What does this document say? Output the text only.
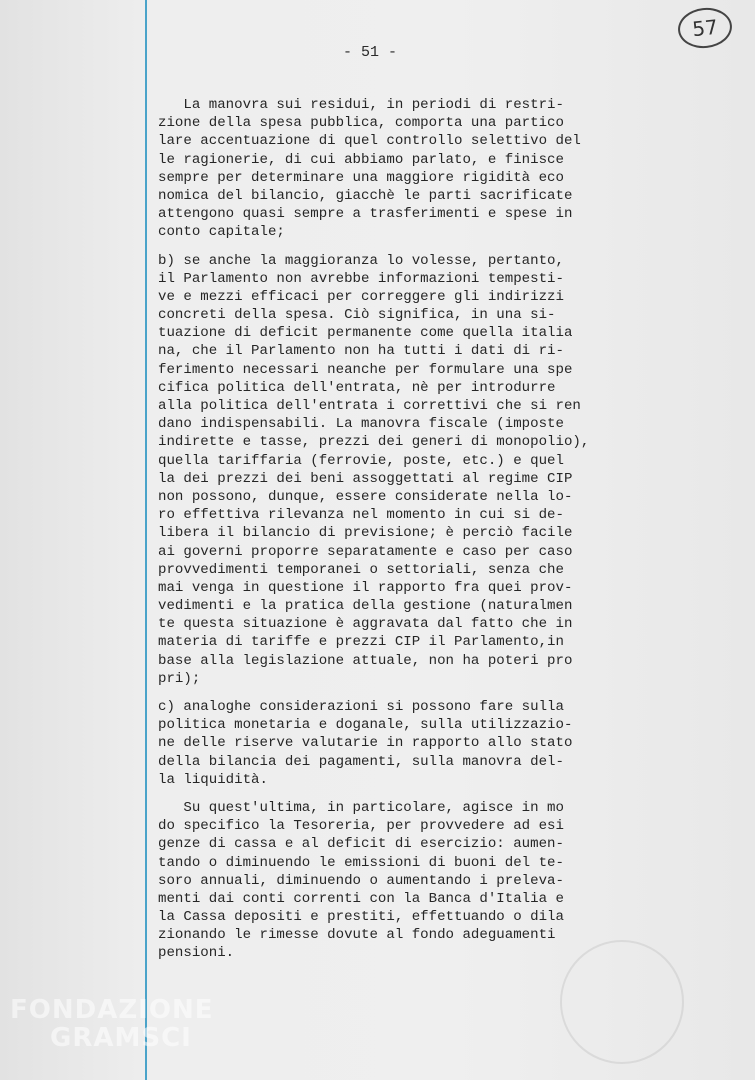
57
- 51 -
La manovra sui residui, in periodi di restri-
zione della spesa pubblica, comporta una partico
lare accentuazione di quel controllo selettivo del
le ragionerie, di cui abbiamo parlato, e finisce
sempre per determinare una maggiore rigidità eco
nomica del bilancio, giacchè le parti sacrificate
attengono quasi sempre a trasferimenti e spese in
conto capitale;
b) se anche la maggioranza lo volesse, pertanto,
il Parlamento non avrebbe informazioni tempesti-
ve e mezzi efficaci per correggere gli indirizzi
concreti della spesa. Ciò significa, in una si-
tuazione di deficit permanente come quella italia
na, che il Parlamento non ha tutti i dati di ri-
ferimento necessari neanche per formulare una spe
cifica politica dell'entrata, nè per introdurre
alla politica dell'entrata i correttivi che si ren
dano indispensabili. La manovra fiscale (imposte
indirette e tasse, prezzi dei generi di monopolio),
quella tariffaria (ferrovie, poste, etc.) e quel
la dei prezzi dei beni assoggettati al regime CIP
non possono, dunque, essere considerate nella lo-
ro effettiva rilevanza nel momento in cui si de-
libera il bilancio di previsione; è perciò facile
ai governi proporre separatamente e caso per caso
provvedimenti temporanei o settoriali, senza che
mai venga in questione il rapporto fra quei prov-
vedimenti e la pratica della gestione (naturalmen
te questa situazione è aggravata dal fatto che in
materia di tariffe e prezzi CIP il Parlamento,in
base alla legislazione attuale, non ha poteri pro
pri);
c) analoghe considerazioni si possono fare sulla
politica monetaria e doganale, sulla utilizzazio-
ne delle riserve valutarie in rapporto allo stato
della bilancia dei pagamenti, sulla manovra del-
la liquidità.
Su quest'ultima, in particolare, agisce in mo
do specifico la Tesoreria, per provvedere ad esi
genze di cassa e al deficit di esercizio: aumen-
tando o diminuendo le emissioni di buoni del te-
soro annuali, diminuendo o aumentando i preleva-
menti dai conti correnti con la Banca d'Italia e
la Cassa depositi e prestiti, effettuando o dila
zionando le rimesse dovute al fondo adeguamenti
pensioni.
FONDAZIONE
GRAMSCI
